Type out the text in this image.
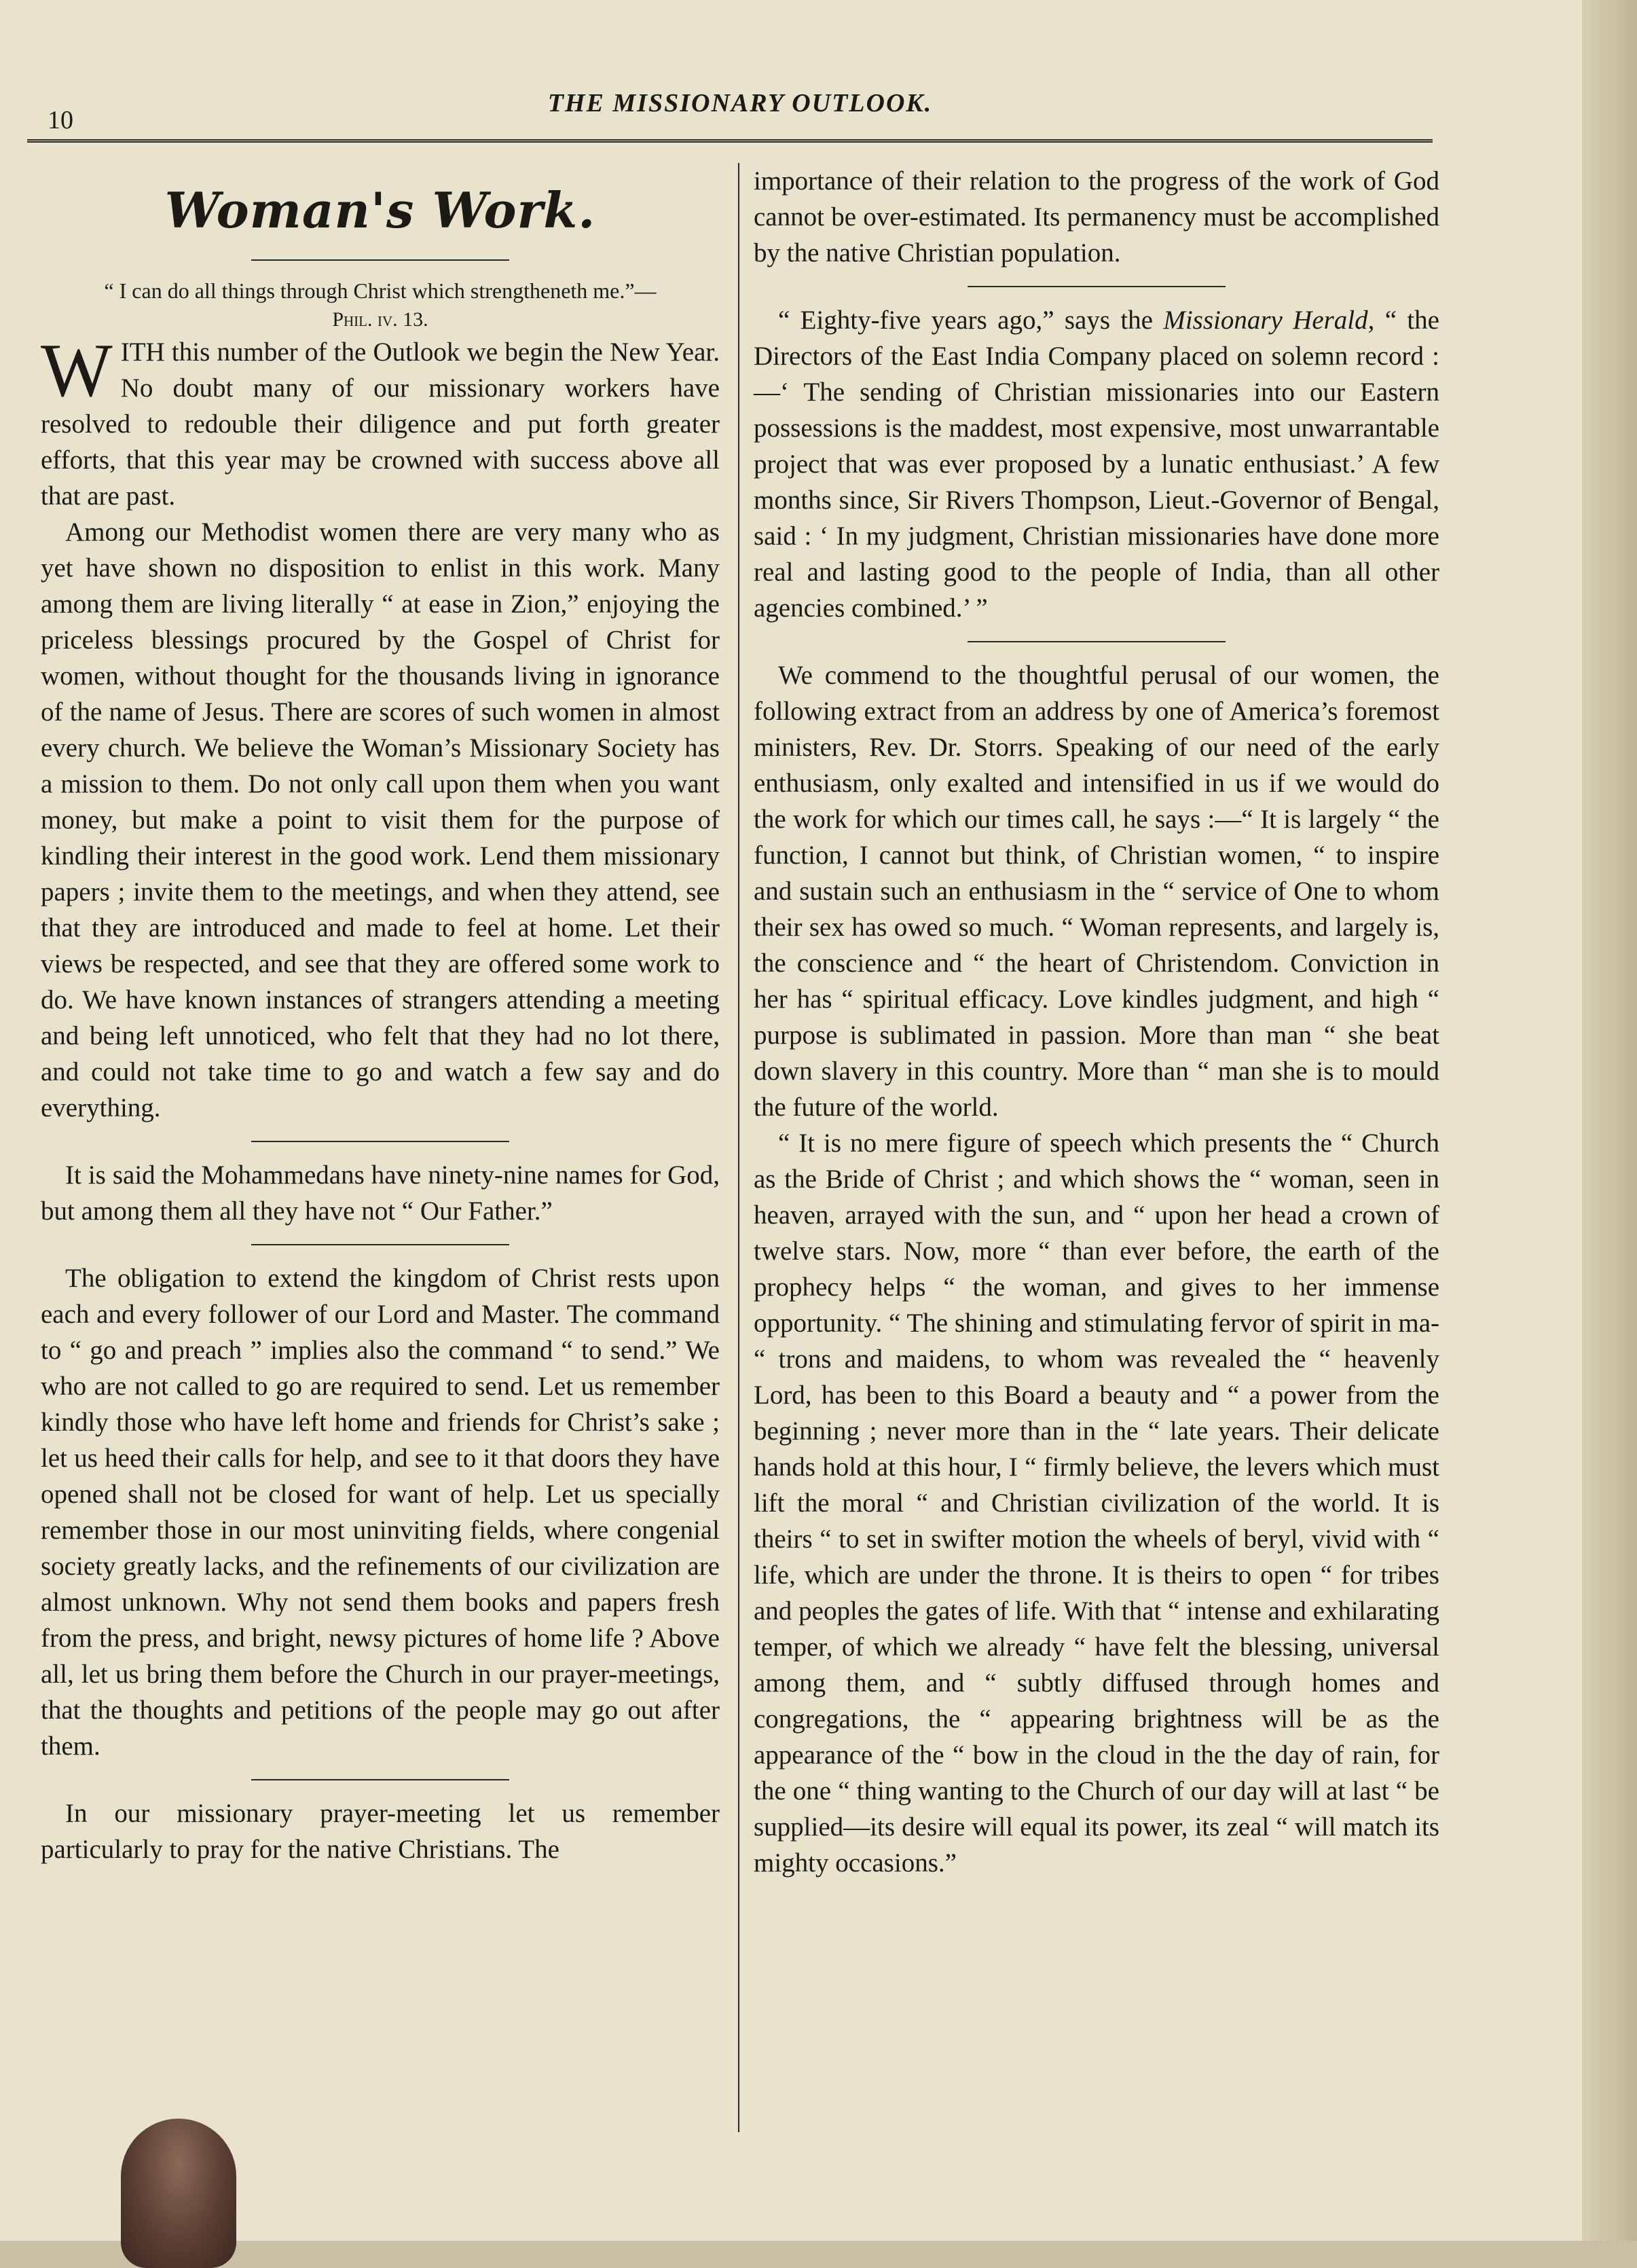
10
THE MISSIONARY OUTLOOK.
Woman's Work.

“ I can do all things through Christ which strengtheneth me.”—

Phil. iv. 13.

WITH this number of the Outlook we begin the New Year. No doubt many of our missionary workers have resolved to redouble their diligence and put forth greater efforts, that this year may be crowned with success above all that are past.

Among our Methodist women there are very many who as yet have shown no disposition to enlist in this work. Many among them are living literally “ at ease in Zion,” enjoying the priceless blessings procured by the Gospel of Christ for women, without thought for the thousands living in ignorance of the name of Jesus. There are scores of such women in almost every church. We believe the Woman’s Missionary Society has a mission to them. Do not only call upon them when you want money, but make a point to visit them for the purpose of kindling their interest in the good work. Lend them missionary papers ; invite them to the meetings, and when they attend, see that they are introduced and made to feel at home. Let their views be respected, and see that they are offered some work to do. We have known instances of strangers attending a meeting and being left unnoticed, who felt that they had no lot there, and could not take time to go and watch a few say and do everything.

It is said the Mohammedans have ninety-nine names for God, but among them all they have not “ Our Father.”

The obligation to extend the kingdom of Christ rests upon each and every follower of our Lord and Master. The command to “ go and preach ” implies also the command “ to send.” We who are not called to go are required to send. Let us remember kindly those who have left home and friends for Christ’s sake ; let us heed their calls for help, and see to it that doors they have opened shall not be closed for want of help. Let us specially remember those in our most uninviting fields, where congenial society greatly lacks, and the refinements of our civilization are almost unknown. Why not send them books and papers fresh from the press, and bright, newsy pictures of home life ? Above all, let us bring them before the Church in our prayer-meetings, that the thoughts and petitions of the people may go out after them.

In our missionary prayer-meeting let us remember particularly to pray for the native Christians. The

importance of their relation to the progress of the work of God cannot be over-estimated. Its permanency must be accomplished by the native Christian population.

“ Eighty-five years ago,” says the Missionary Herald, “ the Directors of the East India Company placed on solemn record :—‘ The sending of Christian missionaries into our Eastern possessions is the maddest, most expensive, most unwarrantable project that was ever proposed by a lunatic enthusiast.’ A few months since, Sir Rivers Thompson, Lieut.-Governor of Bengal, said : ‘ In my judgment, Christian missionaries have done more real and lasting good to the people of India, than all other agencies combined.’ ”

We commend to the thoughtful perusal of our women, the following extract from an address by one of America’s foremost ministers, Rev. Dr. Storrs. Speaking of our need of the early enthusiasm, only exalted and intensified in us if we would do the work for which our times call, he says :—“ It is largely “ the function, I cannot but think, of Christian women, “ to inspire and sustain such an enthusiasm in the “ service of One to whom their sex has owed so much. “ Woman represents, and largely is, the conscience and “ the heart of Christendom. Conviction in her has “ spiritual efficacy. Love kindles judgment, and high “ purpose is sublimated in passion. More than man “ she beat down slavery in this country. More than “ man she is to mould the future of the world.

“ It is no mere figure of speech which presents the “ Church as the Bride of Christ ; and which shows the “ woman, seen in heaven, arrayed with the sun, and “ upon her head a crown of twelve stars. Now, more “ than ever before, the earth of the prophecy helps “ the woman, and gives to her immense opportunity. “ The shining and stimulating fervor of spirit in ma- “ trons and maidens, to whom was revealed the “ heavenly Lord, has been to this Board a beauty and “ a power from the beginning ; never more than in the “ late years. Their delicate hands hold at this hour, I “ firmly believe, the levers which must lift the moral “ and Christian civilization of the world. It is theirs “ to set in swifter motion the wheels of beryl, vivid with “ life, which are under the throne. It is theirs to open “ for tribes and peoples the gates of life. With that “ intense and exhilarating temper, of which we already “ have felt the blessing, universal among them, and “ subtly diffused through homes and congregations, the “ appearing brightness will be as the appearance of the “ bow in the cloud in the the day of rain, for the one “ thing wanting to the Church of our day will at last “ be supplied—its desire will equal its power, its zeal “ will match its mighty occasions.”
